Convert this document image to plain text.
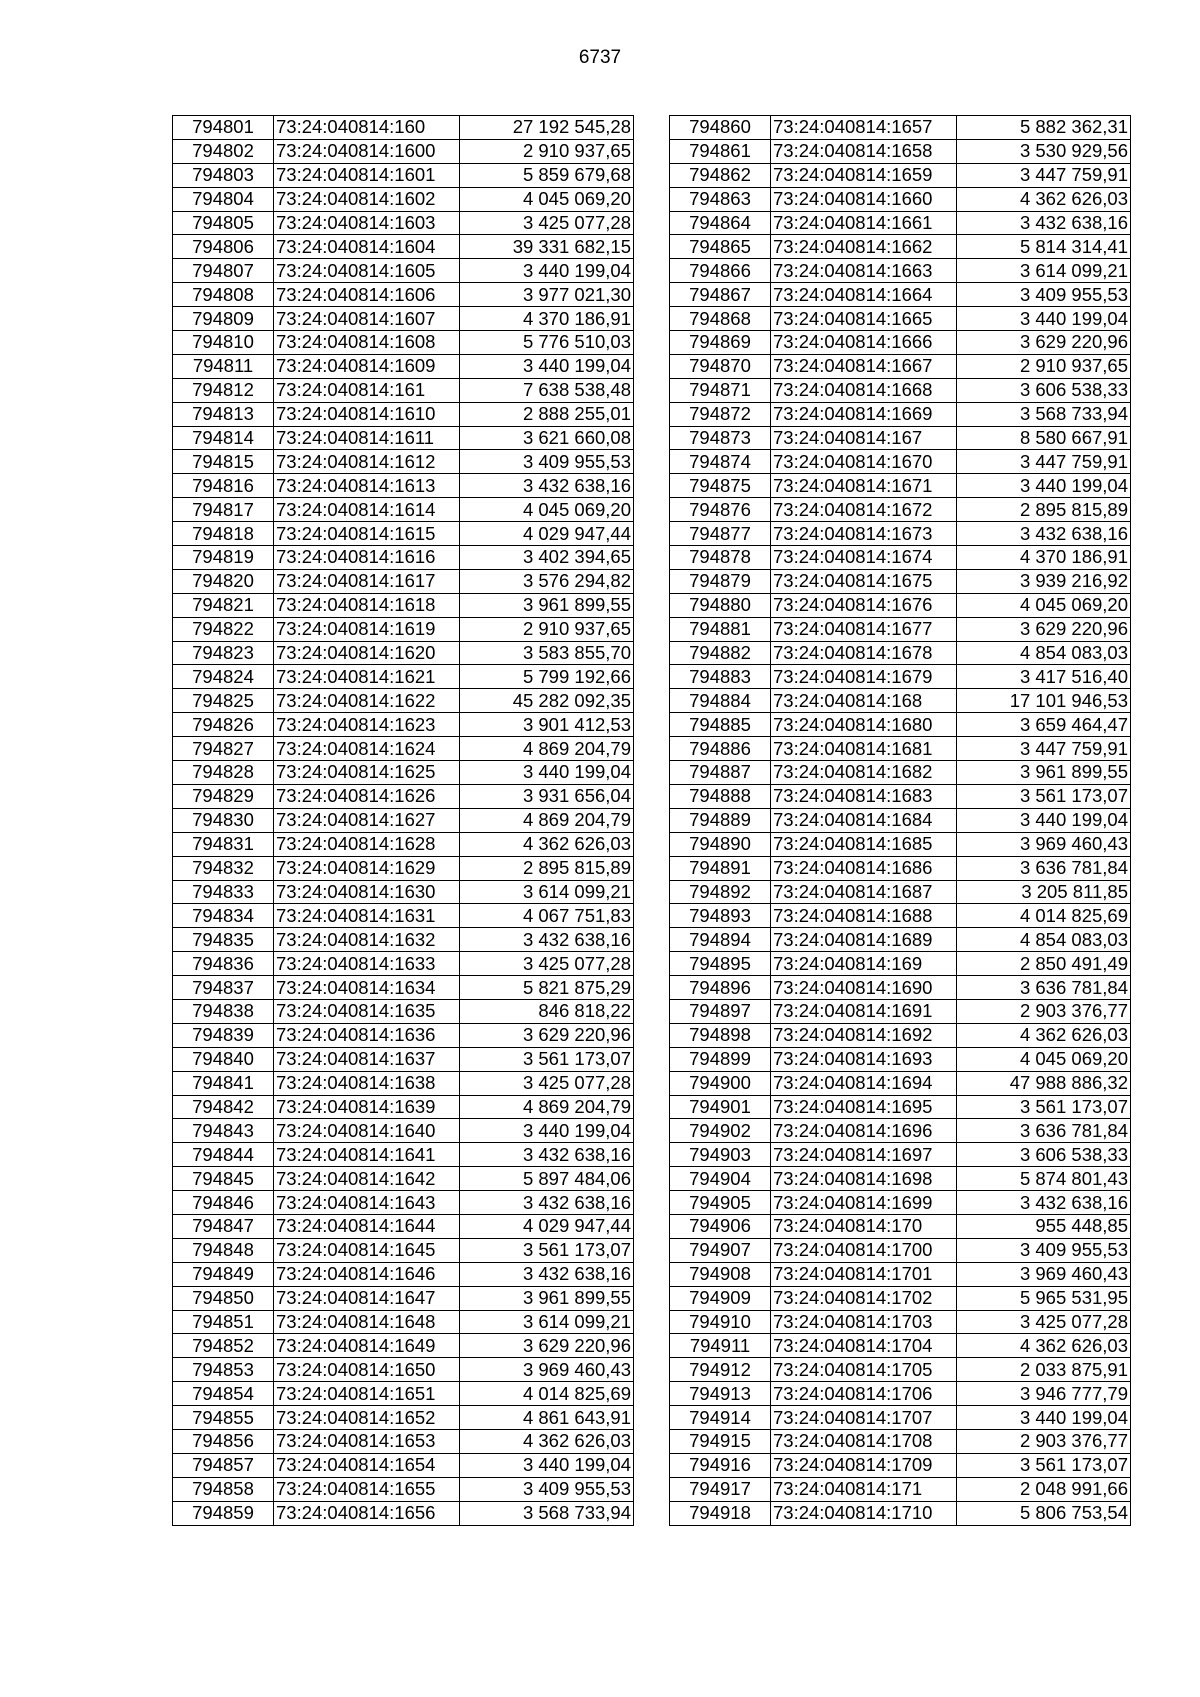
6737
794801	73:24:040814:160	27 192 545,28
794802	73:24:040814:1600	2 910 937,65
794803	73:24:040814:1601	5 859 679,68
794804	73:24:040814:1602	4 045 069,20
794805	73:24:040814:1603	3 425 077,28
794806	73:24:040814:1604	39 331 682,15
794807	73:24:040814:1605	3 440 199,04
794808	73:24:040814:1606	3 977 021,30
794809	73:24:040814:1607	4 370 186,91
794810	73:24:040814:1608	5 776 510,03
794811	73:24:040814:1609	3 440 199,04
794812	73:24:040814:161	7 638 538,48
794813	73:24:040814:1610	2 888 255,01
794814	73:24:040814:1611	3 621 660,08
794815	73:24:040814:1612	3 409 955,53
794816	73:24:040814:1613	3 432 638,16
794817	73:24:040814:1614	4 045 069,20
794818	73:24:040814:1615	4 029 947,44
794819	73:24:040814:1616	3 402 394,65
794820	73:24:040814:1617	3 576 294,82
794821	73:24:040814:1618	3 961 899,55
794822	73:24:040814:1619	2 910 937,65
794823	73:24:040814:1620	3 583 855,70
794824	73:24:040814:1621	5 799 192,66
794825	73:24:040814:1622	45 282 092,35
794826	73:24:040814:1623	3 901 412,53
794827	73:24:040814:1624	4 869 204,79
794828	73:24:040814:1625	3 440 199,04
794829	73:24:040814:1626	3 931 656,04
794830	73:24:040814:1627	4 869 204,79
794831	73:24:040814:1628	4 362 626,03
794832	73:24:040814:1629	2 895 815,89
794833	73:24:040814:1630	3 614 099,21
794834	73:24:040814:1631	4 067 751,83
794835	73:24:040814:1632	3 432 638,16
794836	73:24:040814:1633	3 425 077,28
794837	73:24:040814:1634	5 821 875,29
794838	73:24:040814:1635	846 818,22
794839	73:24:040814:1636	3 629 220,96
794840	73:24:040814:1637	3 561 173,07
794841	73:24:040814:1638	3 425 077,28
794842	73:24:040814:1639	4 869 204,79
794843	73:24:040814:1640	3 440 199,04
794844	73:24:040814:1641	3 432 638,16
794845	73:24:040814:1642	5 897 484,06
794846	73:24:040814:1643	3 432 638,16
794847	73:24:040814:1644	4 029 947,44
794848	73:24:040814:1645	3 561 173,07
794849	73:24:040814:1646	3 432 638,16
794850	73:24:040814:1647	3 961 899,55
794851	73:24:040814:1648	3 614 099,21
794852	73:24:040814:1649	3 629 220,96
794853	73:24:040814:1650	3 969 460,43
794854	73:24:040814:1651	4 014 825,69
794855	73:24:040814:1652	4 861 643,91
794856	73:24:040814:1653	4 362 626,03
794857	73:24:040814:1654	3 440 199,04
794858	73:24:040814:1655	3 409 955,53
794859	73:24:040814:1656	3 568 733,94
794860	73:24:040814:1657	5 882 362,31
794861	73:24:040814:1658	3 530 929,56
794862	73:24:040814:1659	3 447 759,91
794863	73:24:040814:1660	4 362 626,03
794864	73:24:040814:1661	3 432 638,16
794865	73:24:040814:1662	5 814 314,41
794866	73:24:040814:1663	3 614 099,21
794867	73:24:040814:1664	3 409 955,53
794868	73:24:040814:1665	3 440 199,04
794869	73:24:040814:1666	3 629 220,96
794870	73:24:040814:1667	2 910 937,65
794871	73:24:040814:1668	3 606 538,33
794872	73:24:040814:1669	3 568 733,94
794873	73:24:040814:167	8 580 667,91
794874	73:24:040814:1670	3 447 759,91
794875	73:24:040814:1671	3 440 199,04
794876	73:24:040814:1672	2 895 815,89
794877	73:24:040814:1673	3 432 638,16
794878	73:24:040814:1674	4 370 186,91
794879	73:24:040814:1675	3 939 216,92
794880	73:24:040814:1676	4 045 069,20
794881	73:24:040814:1677	3 629 220,96
794882	73:24:040814:1678	4 854 083,03
794883	73:24:040814:1679	3 417 516,40
794884	73:24:040814:168	17 101 946,53
794885	73:24:040814:1680	3 659 464,47
794886	73:24:040814:1681	3 447 759,91
794887	73:24:040814:1682	3 961 899,55
794888	73:24:040814:1683	3 561 173,07
794889	73:24:040814:1684	3 440 199,04
794890	73:24:040814:1685	3 969 460,43
794891	73:24:040814:1686	3 636 781,84
794892	73:24:040814:1687	3 205 811,85
794893	73:24:040814:1688	4 014 825,69
794894	73:24:040814:1689	4 854 083,03
794895	73:24:040814:169	2 850 491,49
794896	73:24:040814:1690	3 636 781,84
794897	73:24:040814:1691	2 903 376,77
794898	73:24:040814:1692	4 362 626,03
794899	73:24:040814:1693	4 045 069,20
794900	73:24:040814:1694	47 988 886,32
794901	73:24:040814:1695	3 561 173,07
794902	73:24:040814:1696	3 636 781,84
794903	73:24:040814:1697	3 606 538,33
794904	73:24:040814:1698	5 874 801,43
794905	73:24:040814:1699	3 432 638,16
794906	73:24:040814:170	955 448,85
794907	73:24:040814:1700	3 409 955,53
794908	73:24:040814:1701	3 969 460,43
794909	73:24:040814:1702	5 965 531,95
794910	73:24:040814:1703	3 425 077,28
794911	73:24:040814:1704	4 362 626,03
794912	73:24:040814:1705	2 033 875,91
794913	73:24:040814:1706	3 946 777,79
794914	73:24:040814:1707	3 440 199,04
794915	73:24:040814:1708	2 903 376,77
794916	73:24:040814:1709	3 561 173,07
794917	73:24:040814:171	2 048 991,66
794918	73:24:040814:1710	5 806 753,54
